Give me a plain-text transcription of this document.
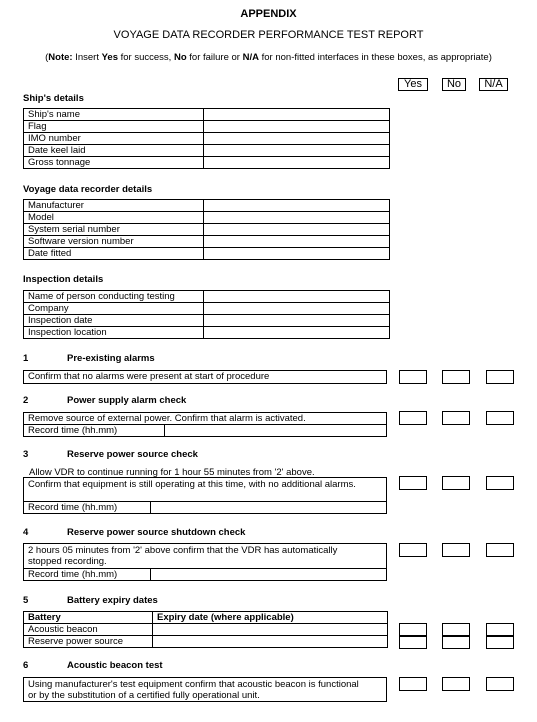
APPENDIX
VOYAGE DATA RECORDER PERFORMANCE TEST REPORT
(Note: Insert Yes for success, No for failure or N/A for non-fitted interfaces in these boxes, as appropriate)
Yes	No	N/A
Ship's details
Ship's name	
Flag	
IMO number	
Date keel laid	
Gross tonnage	
Voyage data recorder details
Manufacturer	
Model	
System serial number	
Software version number	
Date fitted	
Inspection details
Name of person conducting testing	
Company	
Inspection date	
Inspection location	
1	Pre-existing alarms
Confirm that no alarms were present at start of procedure
2	Power supply alarm check
Remove source of external power. Confirm that alarm is activated.
Record time (hh.mm)
3	Reserve power source check
Allow VDR to continue running for 1 hour 55 minutes from '2' above.
Confirm that equipment is still operating at this time, with no additional alarms.
Record time (hh.mm)
4	Reserve power source shutdown check
2 hours 05 minutes from '2' above confirm that the VDR has automatically
stopped recording.
Record time (hh.mm)
5	Battery expiry dates
Battery	Expiry date (where applicable)
Acoustic beacon	
Reserve power source	
6	Acoustic beacon test
Using manufacturer's test equipment confirm that acoustic beacon is functional
or by the substitution of a certified fully operational unit.
